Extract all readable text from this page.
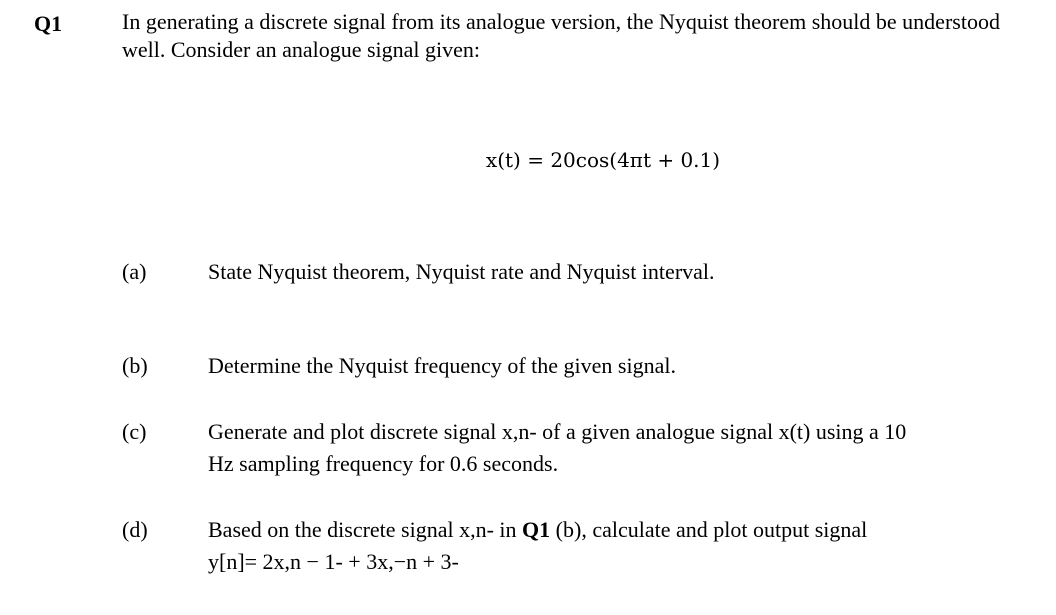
Q1	In generating a discrete signal from its analogue version, the Nyquist theorem should be understood well. Consider an analogue signal given:
x(t) = 20cos(4πt + 0.1)
(a)	State Nyquist theorem, Nyquist rate and Nyquist interval.
(b)	Determine the Nyquist frequency of the given signal.
(c)	Generate and plot discrete signal x,n- of a given analogue signal x(t) using a 10
Hz sampling frequency for 0.6 seconds.
(d)	Based on the discrete signal x,n- in Q1 (b), calculate and plot output signal
y[n]= 2x,n − 1- + 3x,−n + 3-
